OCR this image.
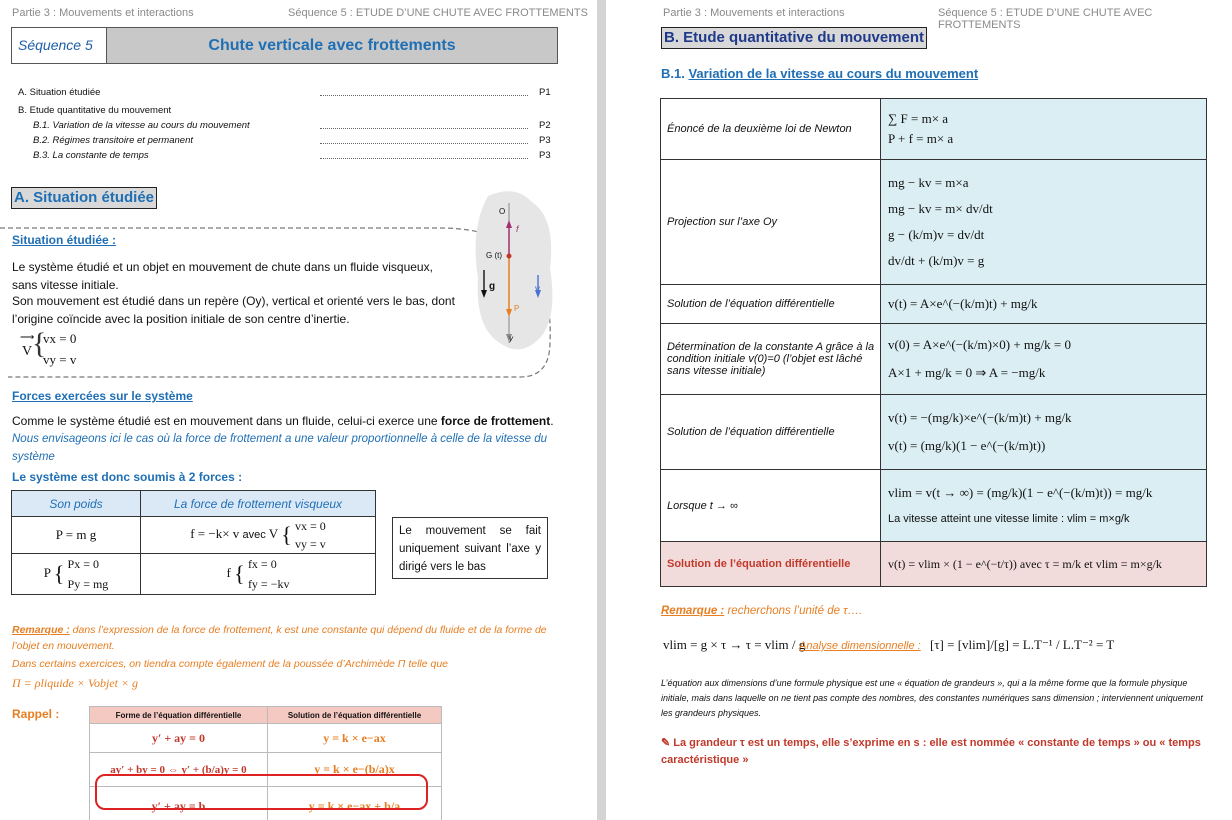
Partie 3 : Mouvements et interactions	Séquence 5 : ETUDE D’UNE CHUTE AVEC FROTTEMENTS
Séquence 5	Chute verticale avec frottements
A. Situation étudiée	P1
B. Etude quantitative du mouvement
B.1. Variation de la vitesse au cours du mouvement	P2
B.2. Régimes transitoire et permanent	P3
B.3. La constante de temps	P3
A. Situation étudiée
Situation étudiée :
Le système étudié et un objet en mouvement de chute dans un fluide visqueux, sans vitesse initiale.
Son mouvement est étudié dans un repère (Oy), vertical et orienté vers le bas, dont l’origine coïncide avec la position initiale de son centre d’inertie.
⟶
V {
vx = 0
vy = v
O
G (t)
g
f
P
v
y
Forces exercées sur le système
Comme le système étudié est en mouvement dans un fluide, celui-ci exerce une force de frottement.
Nous envisageons ici le cas où la force de frottement a une valeur proportionnelle à celle de la vitesse du système
Le système est donc soumis à 2 forces :
Son poids	La force de frottement visqueux
P = m g	f = −k× v avec V { vx = 0
vy = v
P { Px = 0
Py = mg	f { fx = 0
fy = −kv
Le mouvement se fait uniquement suivant l’axe y dirigé vers le bas
Remarque : dans l’expression de la force de frottement, k est une constante qui dépend du fluide et de la forme de l’objet en mouvement.
Dans certains exercices, on tiendra compte également de la poussée d’Archimède Π telle que
Π = ρliquide × Vobjet × g
Rappel :	Forme de l’équation différentielle	Solution de l’équation différentielle
y′ + ay = 0	y = k × e−ax
ay′ + by = 0 ⇔ y′ + (b/a)y = 0	y = k × e−(b/a)x
y′ + ay = b	y = k × e−ax + b/a
Partie 3 : Mouvements et interactions	Séquence 5 : ETUDE D’UNE CHUTE AVEC FROTTEMENTS
B. Etude quantitative du mouvement
B.1. Variation de la vitesse au cours du mouvement
Énoncé de la deuxième loi de Newton	∑ F = m× a
P + f = m× a

Projection sur l’axe Oy	mg − kv = m×a
mg − kv = m× dv/dt
g − (k/m)v = dv/dt
dv/dt + (k/m)v = g

Solution de l’équation différentielle	v(t) = A×e^(−(k/m)t) + mg/k
Détermination de la constante A grâce à la condition initiale v(0)=0 (l’objet est lâché sans vitesse initiale)	v(0) = A×e^(−(k/m)×0) + mg/k = 0
A×1 + mg/k = 0 ⇒ A = −mg/k

Solution de l’équation différentielle	v(t) = −(mg/k)×e^(−(k/m)t) + mg/k
v(t) = (mg/k)(1 − e^(−(k/m)t))

Lorsque t → ∞	vlim = v(t → ∞) = (mg/k)(1 − e^(−(k/m)t)) = mg/k
La vitesse atteint une vitesse limite : vlim = m×g/k

Solution de l’équation différentielle	v(t) = vlim × (1 − e^(−t/τ)) avec τ = m/k et vlim = m×g/k
Remarque : recherchons l’unité de τ….
vlim = g × τ → τ = vlim / g
Analyse dimensionnelle : [τ] = [vlim]/[g] = L.T⁻¹ / L.T⁻² = T
L’équation aux dimensions d’une formule physique est une « équation de grandeurs », qui a la même forme que la formule physique initiale, mais dans laquelle on ne tient pas compte des nombres, des constantes numériques sans dimension ; interviennent uniquement les grandeurs physiques.
✎ La grandeur τ est un temps, elle s’exprime en s : elle est nommée « constante de temps » ou « temps caractéristique »
